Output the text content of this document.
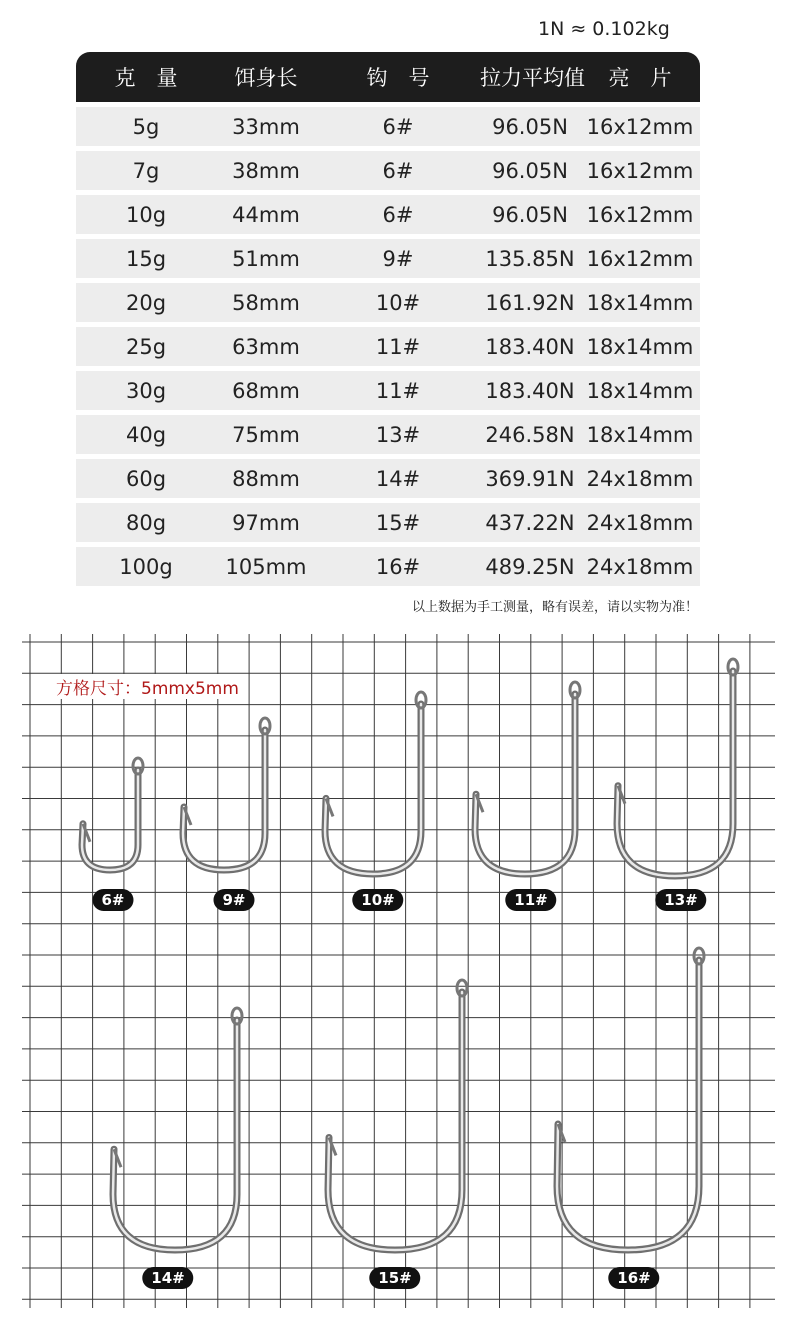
1N ≈ 0.102kg
克　量	饵身长	钩　号	拉力平均值	亮　片
5g	33mm	6#	96.05N 16x12mm
7g	38mm	6#	96.05N 16x12mm
10g	44mm	6#	96.05N 16x12mm
15g	51mm	9#	135.85N 16x12mm
20g	58mm	10#	161.92N 18x14mm
25g	63mm	11#	183.40N 18x14mm
30g	68mm	11#	183.40N 18x14mm
40g	75mm	13#	246.58N 18x14mm
60g	88mm	14#	369.91N 24x18mm
80g	97mm	15#	437.22N 24x18mm
100g	105mm	16#	489.25N 24x18mm
以上数据为手工测量，略有误差，请以实物为准！
方格尺寸：5mmx5mm
6#	9#	10#	11#	13#
14#	15#	16#
